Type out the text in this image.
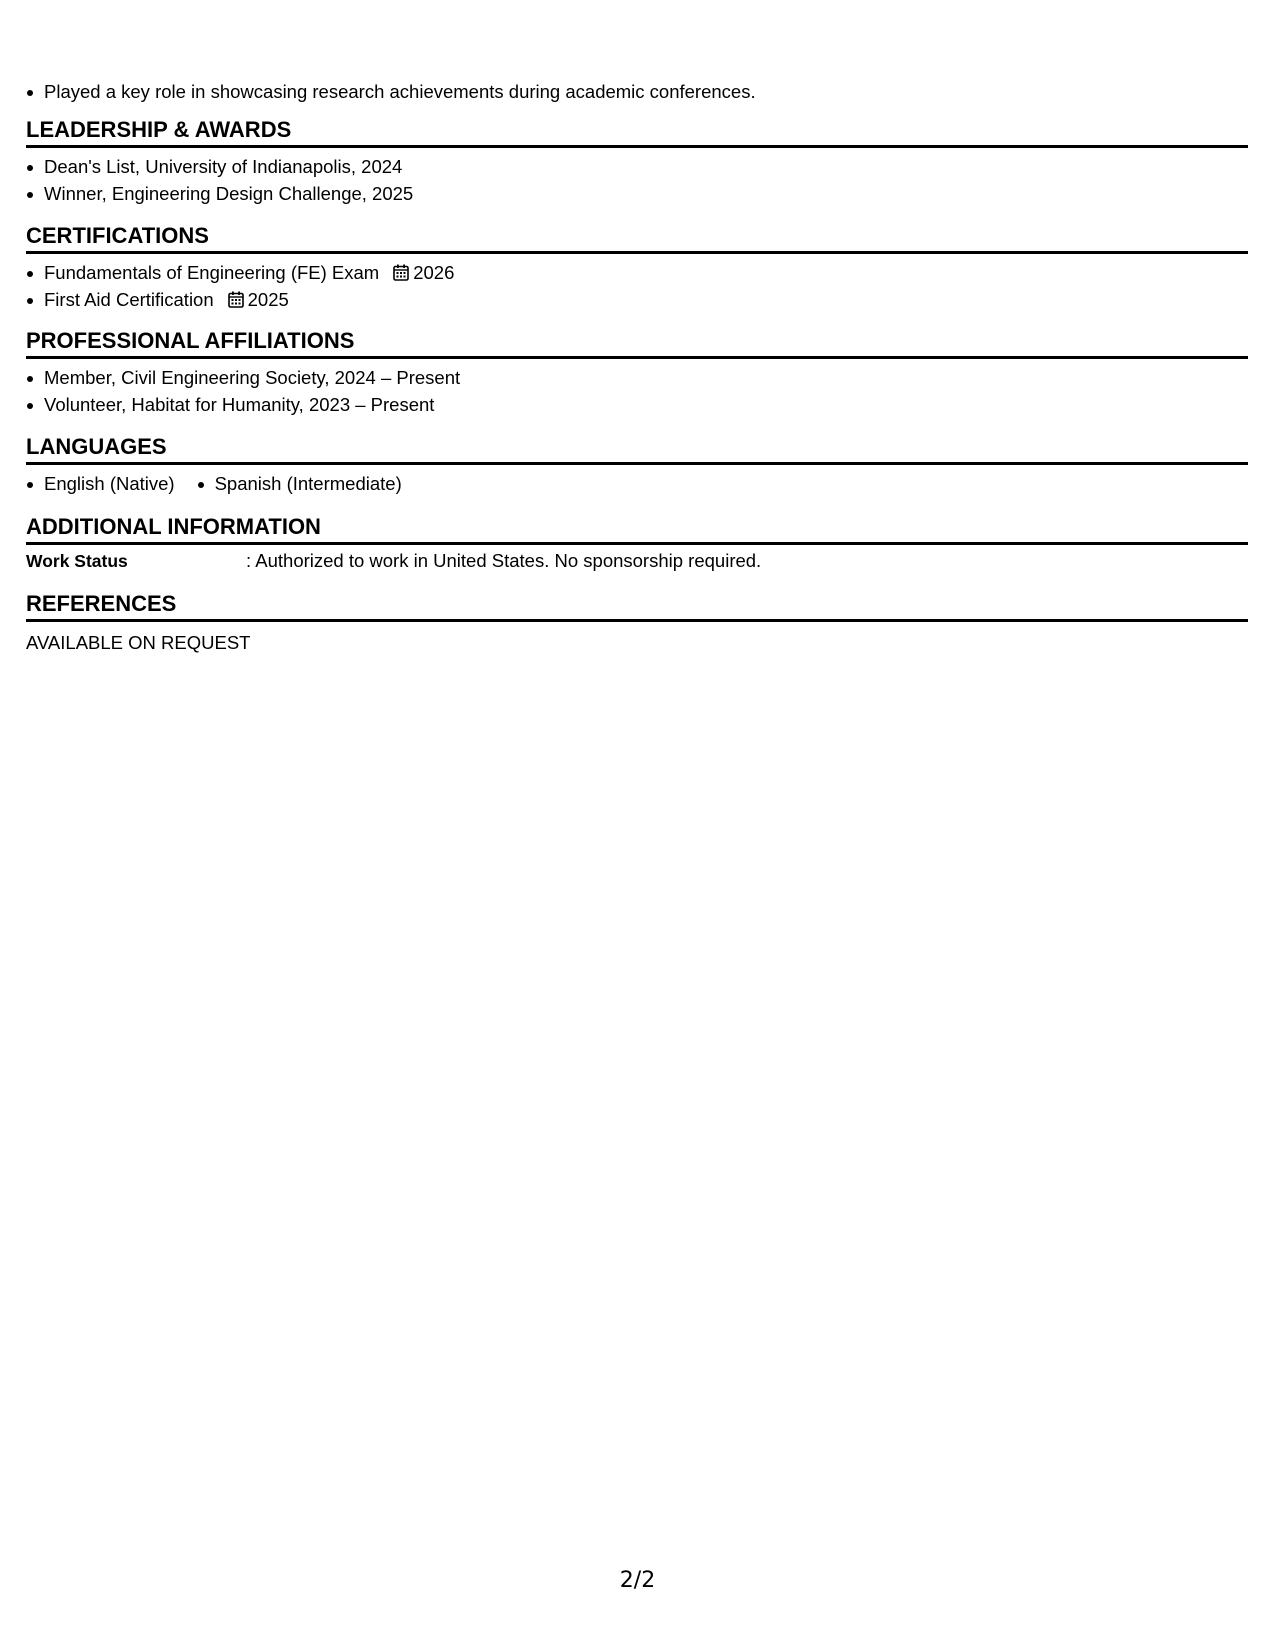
Played a key role in showcasing research achievements during academic conferences.
LEADERSHIP & AWARDS
Dean's List, University of Indianapolis, 2024
Winner, Engineering Design Challenge, 2025
CERTIFICATIONS
Fundamentals of Engineering (FE) Exam 2026
First Aid Certification 2025
PROFESSIONAL AFFILIATIONS
Member, Civil Engineering Society, 2024 – Present
Volunteer, Habitat for Humanity, 2023 – Present
LANGUAGES
English (Native)	Spanish (Intermediate)
ADDITIONAL INFORMATION
Work Status	: Authorized to work in United States. No sponsorship required.
REFERENCES
AVAILABLE ON REQUEST
2/2
